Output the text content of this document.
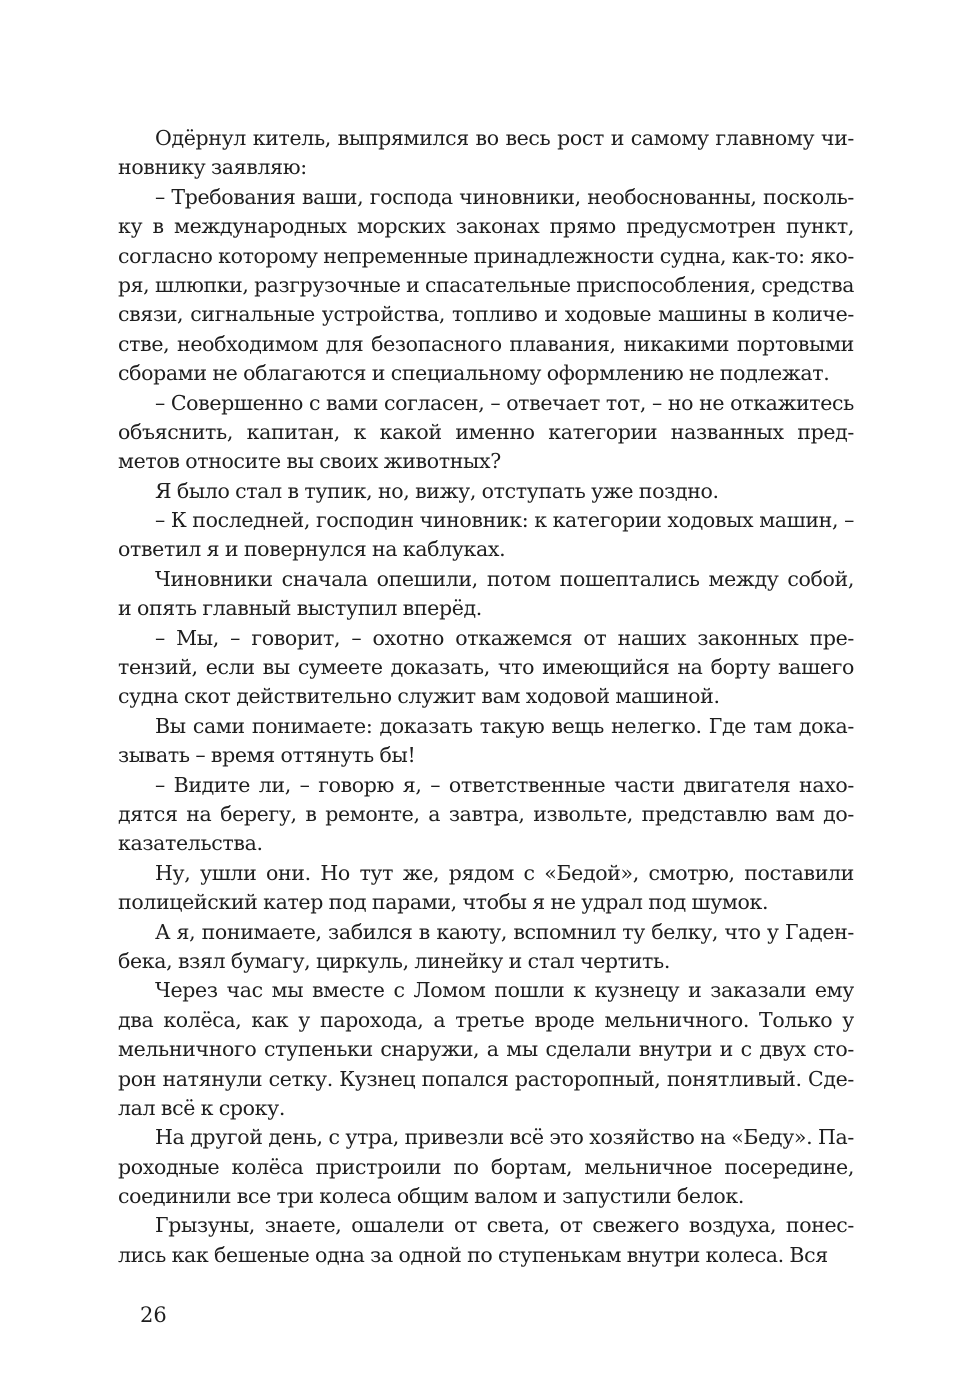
Одёрнул китель, выпрямился во весь рост и самому главному чи-
новнику заявляю:
– Требования ваши, господа чиновники, необоснованны, посколь-
ку в международных морских законах прямо предусмотрен пункт,
согласно которому непременные принадлежности судна, как-то: яко-
ря, шлюпки, разгрузочные и спасательные приспособления, средства
связи, сигнальные устройства, топливо и ходовые машины в количе-
стве, необходимом для безопасного плавания, никакими портовыми
сборами не облагаются и специальному оформлению не подлежат.
– Совершенно с вами согласен, – отвечает тот, – но не откажитесь
объяснить, капитан, к какой именно категории названных пред-
метов относите вы своих животных?
Я было стал в тупик, но, вижу, отступать уже поздно.
– К последней, господин чиновник: к категории ходовых машин, –
ответил я и повернулся на каблуках.
Чиновники сначала опешили, потом пошептались между собой,
и опять главный выступил вперёд.
– Мы, – говорит, – охотно откажемся от наших законных пре-
тензий, если вы сумеете доказать, что имеющийся на борту вашего
судна скот действительно служит вам ходовой машиной.
Вы сами понимаете: доказать такую вещь нелегко. Где там дока-
зывать – время оттянуть бы!
– Видите ли, – говорю я, – ответственные части двигателя нахо-
дятся на берегу, в ремонте, а завтра, извольте, представлю вам до-
казательства.
Ну, ушли они. Но тут же, рядом с «Бедой», смотрю, поставили
полицейский катер под парами, чтобы я не удрал под шумок.
А я, понимаете, забился в каюту, вспомнил ту белку, что у Гаден-
бека, взял бумагу, циркуль, линейку и стал чертить.
Через час мы вместе с Ломом пошли к кузнецу и заказали ему
два колёса, как у парохода, а третье вроде мельничного. Только у
мельничного ступеньки снаружи, а мы сделали внутри и с двух сто-
рон натянули сетку. Кузнец попался расторопный, понятливый. Сде-
лал всё к сроку.
На другой день, с утра, привезли всё это хозяйство на «Беду». Па-
роходные колёса пристроили по бортам, мельничное посередине,
соединили все три колеса общим валом и запустили белок.
Грызуны, знаете, ошалели от света, от свежего воздуха, понес-
лись как бешеные одна за одной по ступенькам внутри колеса. Вся
26
